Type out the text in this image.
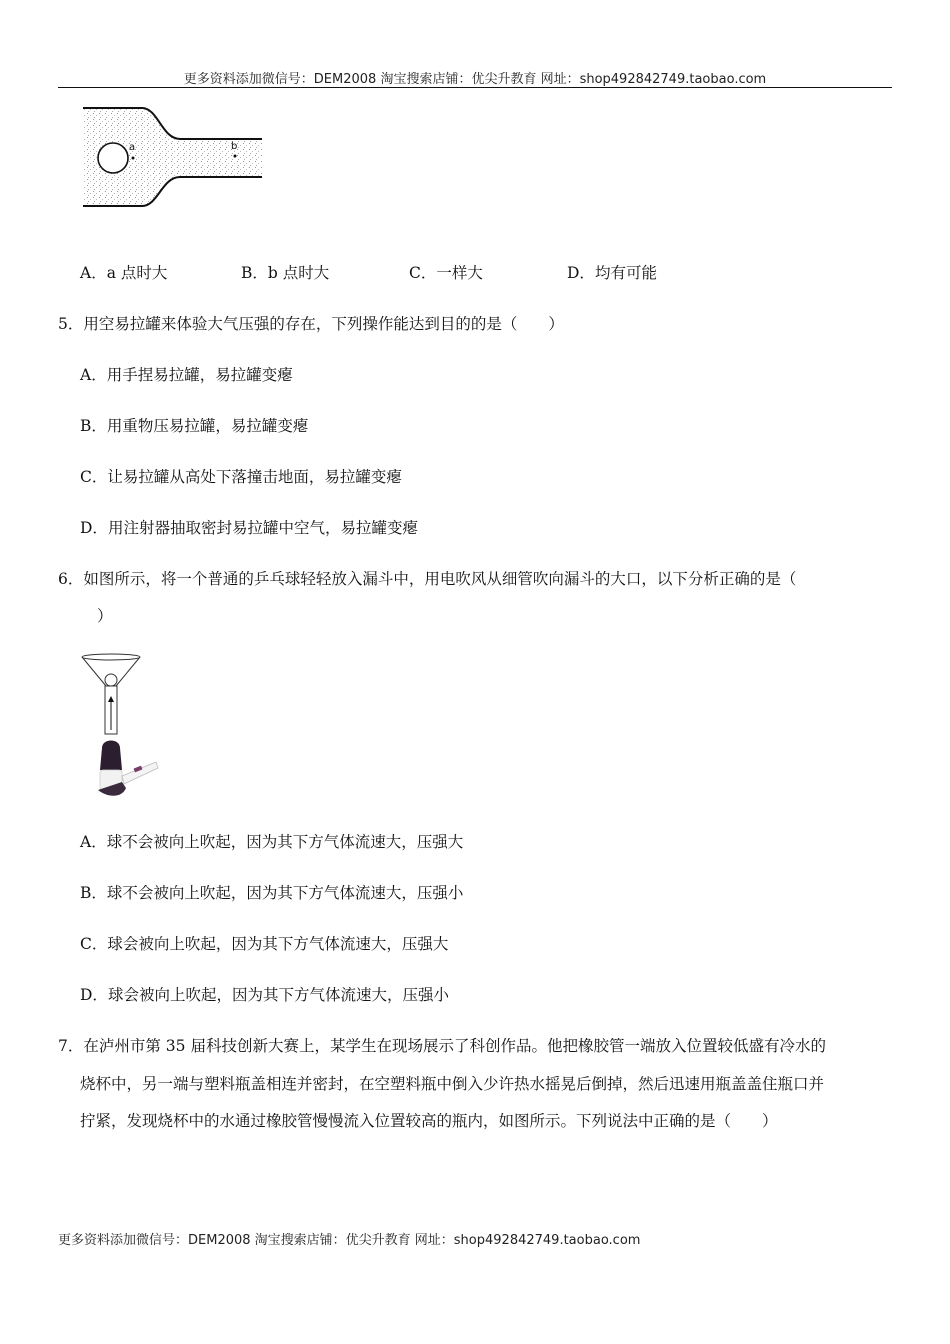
更多资料添加微信号：DEM2008 淘宝搜索店铺：优尖升教育 网址：shop492842749.taobao.com
a	b
A．a 点时大	B．b 点时大	C．一样大	D．均有可能
5．用空易拉罐来体验大气压强的存在，下列操作能达到目的的是（　　）
A．用手捏易拉罐，易拉罐变瘪
B．用重物压易拉罐，易拉罐变瘪
C．让易拉罐从高处下落撞击地面，易拉罐变瘪
D．用注射器抽取密封易拉罐中空气，易拉罐变瘪
6．如图所示，将一个普通的乒乓球轻轻放入漏斗中，用电吹风从细管吹向漏斗的大口，以下分析正确的是（
）
A．球不会被向上吹起，因为其下方气体流速大，压强大
B．球不会被向上吹起，因为其下方气体流速大，压强小
C．球会被向上吹起，因为其下方气体流速大，压强大
D．球会被向上吹起，因为其下方气体流速大，压强小
7．在泸州市第 35 届科技创新大赛上，某学生在现场展示了科创作品。他把橡胶管一端放入位置较低盛有冷水的
烧杯中，另一端与塑料瓶盖相连并密封，在空塑料瓶中倒入少许热水摇晃后倒掉，然后迅速用瓶盖盖住瓶口并
拧紧，发现烧杯中的水通过橡胶管慢慢流入位置较高的瓶内，如图所示。下列说法中正确的是（　　）
更多资料添加微信号：DEM2008 淘宝搜索店铺：优尖升教育 网址：shop492842749.taobao.com
